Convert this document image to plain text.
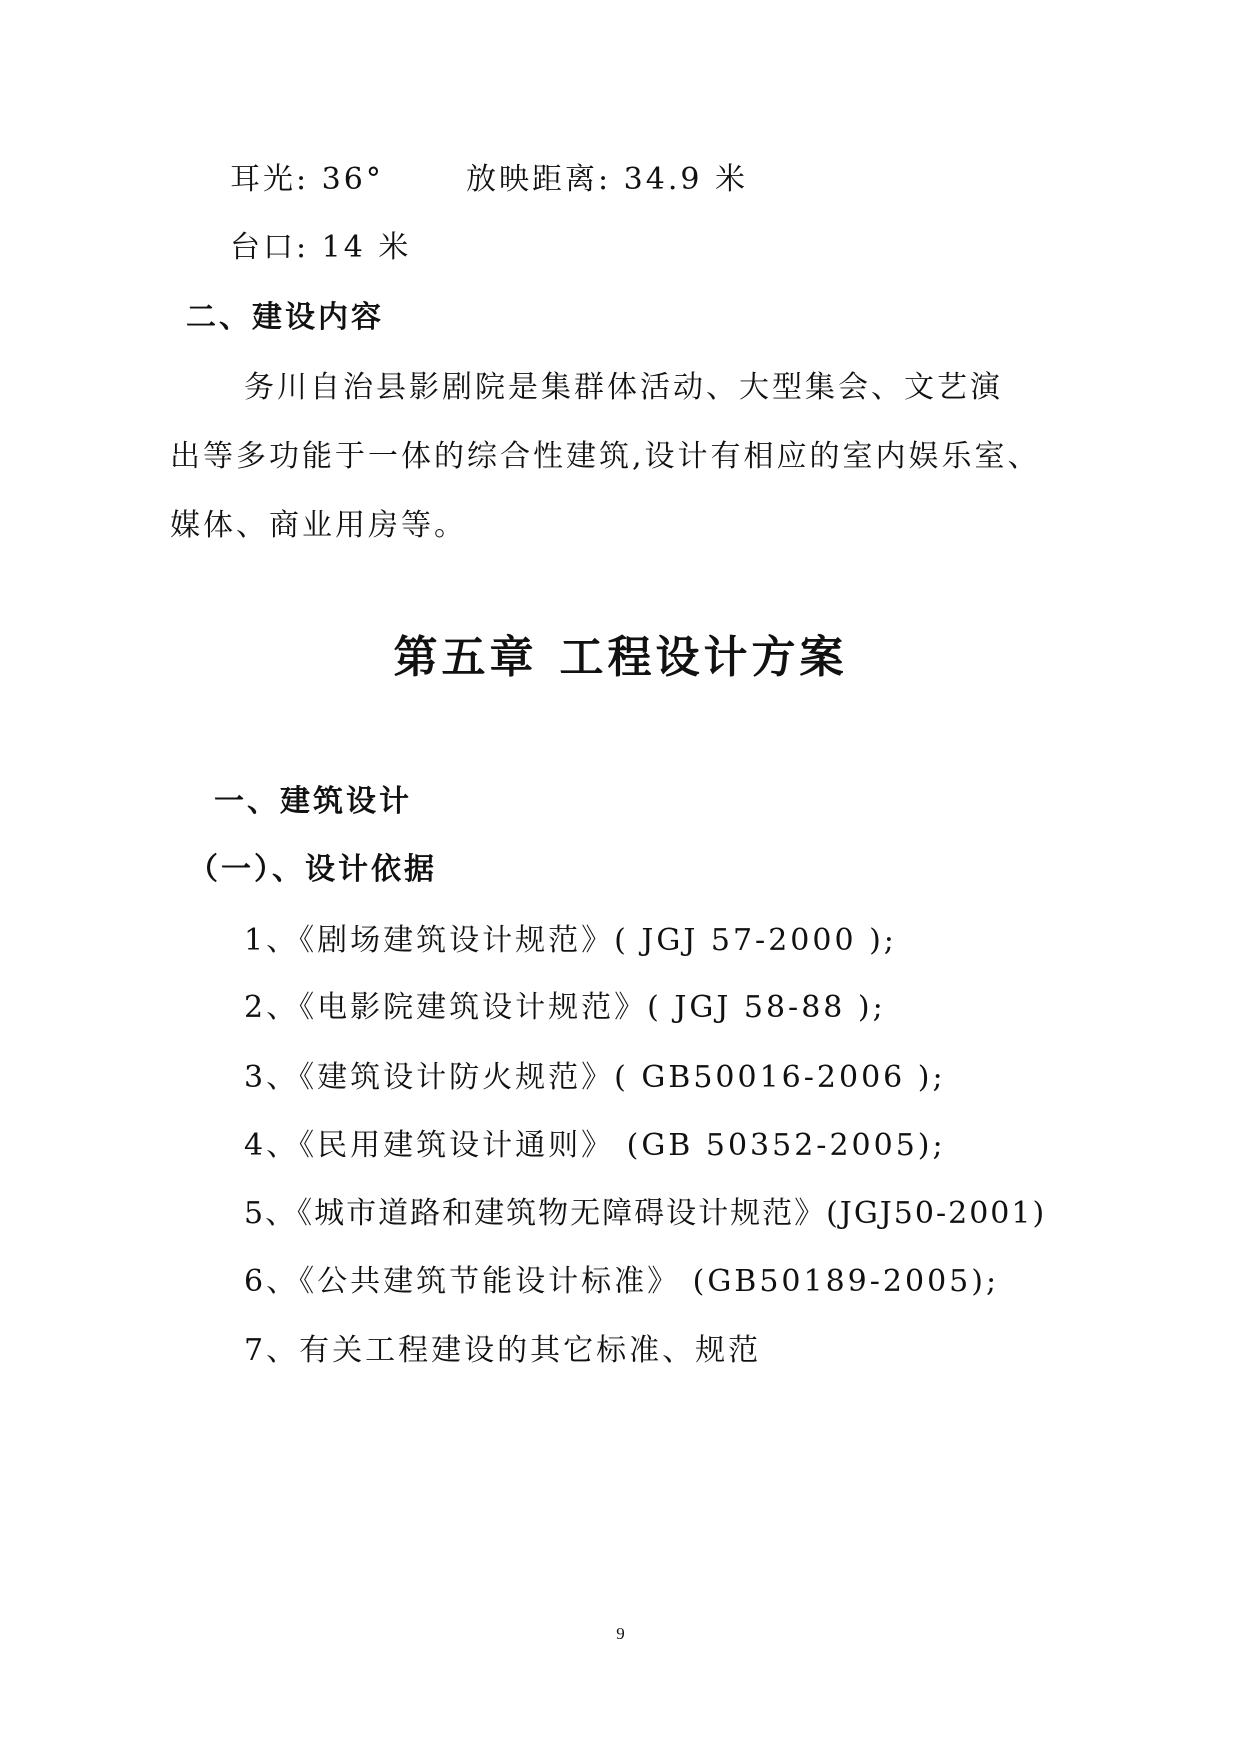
耳光: 36°	放映距离: 34.9 米
台口: 14 米
二、建设内容
务川自治县影剧院是集群体活动、大型集会、文艺演
出等多功能于一体的综合性建筑,设计有相应的室内娱乐室、
媒体、商业用房等。
第五章 工程设计方案
一、建筑设计
（一）、设计依据
1、《剧场建筑设计规范》( JGJ 57-2000 );
2、《电影院建筑设计规范》( JGJ 58-88 );
3、《建筑设计防火规范》( GB50016-2006 );
4、《民用建筑设计通则》 (GB 50352-2005);
5、《城市道路和建筑物无障碍设计规范》(JGJ50-2001)
6、《公共建筑节能设计标准》 (GB50189-2005);
7、有关工程建设的其它标准、规范
9
